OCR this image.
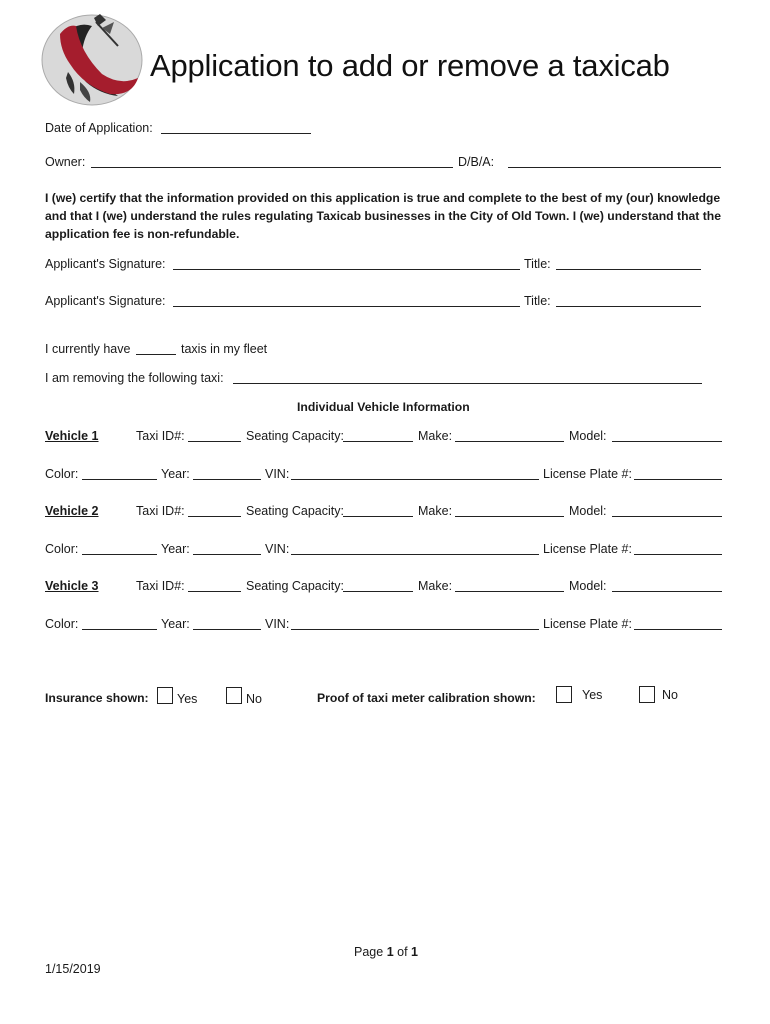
Application to add or remove a taxicab
Date of Application:
Owner:	D/B/A:
I (we) certify that the information provided on this application is true and complete to the best of my (our) knowledge and that I (we) understand the rules regulating Taxicab businesses in the City of Old Town. I (we) understand that the application fee is non-refundable.
Applicant's Signature:	Title:
Applicant's Signature:	Title:
I currently have	taxis in my fleet
I am removing the following taxi:
Individual Vehicle Information
Vehicle 1	Taxi ID#:	Seating Capacity:	Make:	Model:
Color:	Year:	VIN:	License Plate #:
Vehicle 2	Taxi ID#:	Seating Capacity:	Make:	Model:
Color:	Year:	VIN:	License Plate #:
Vehicle 3	Taxi ID#:	Seating Capacity:	Make:	Model:
Color:	Year:	VIN:	License Plate #:
Insurance shown: Yes	No	Proof of taxi meter calibration shown:	Yes	No
Page 1 of 1
1/15/2019
